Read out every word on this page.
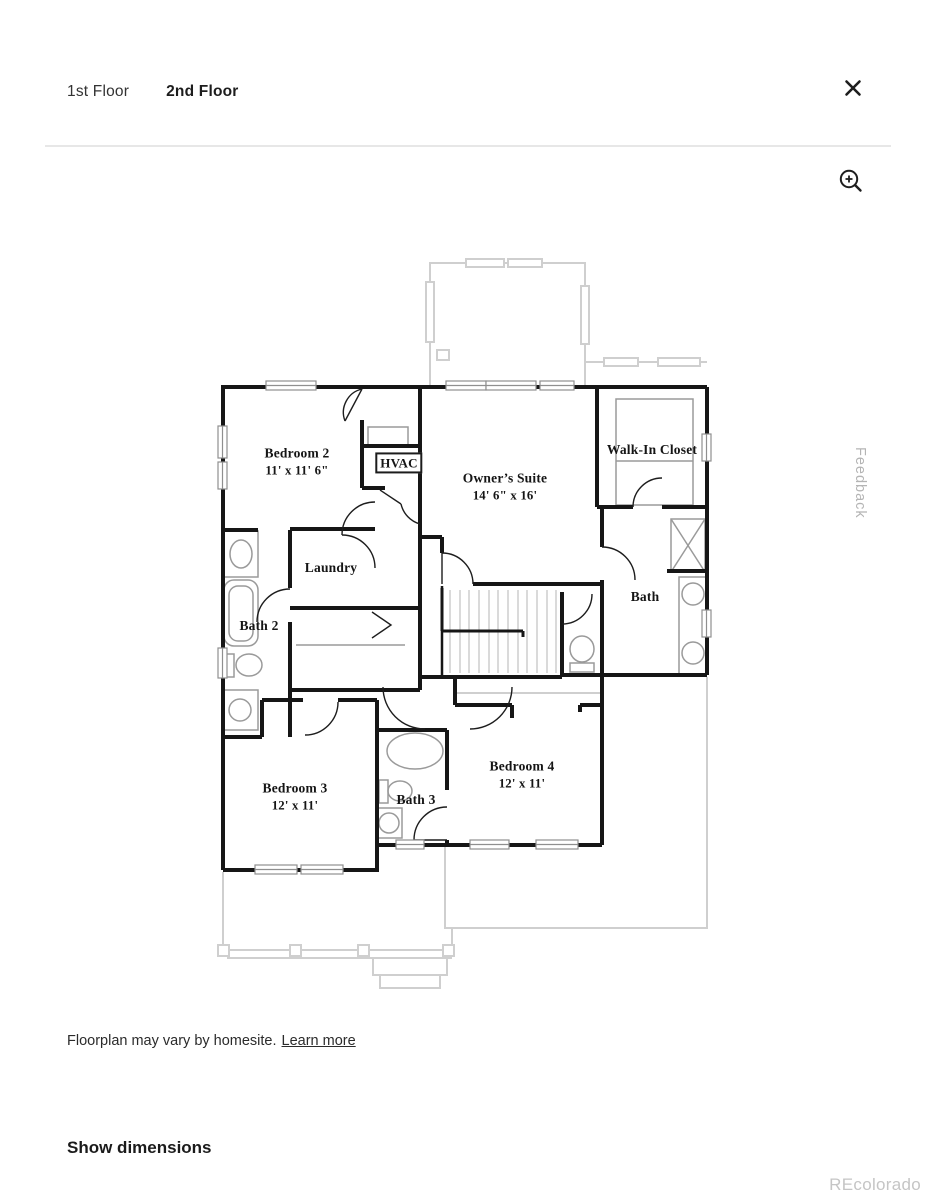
1st Floor 2nd Floor
Bedroom 2
11' x 11' 6"
HVAC
Owner’s Suite
14' 6" x 16'
Walk-In Closet
Laundry
Bath 2
Bath
Bedroom 3
12' x 11'	Bath 3
Bedroom 4
12' x 11'
Feedback
Floorplan may vary by homesite. Learn more
Show dimensions
REcolorado
